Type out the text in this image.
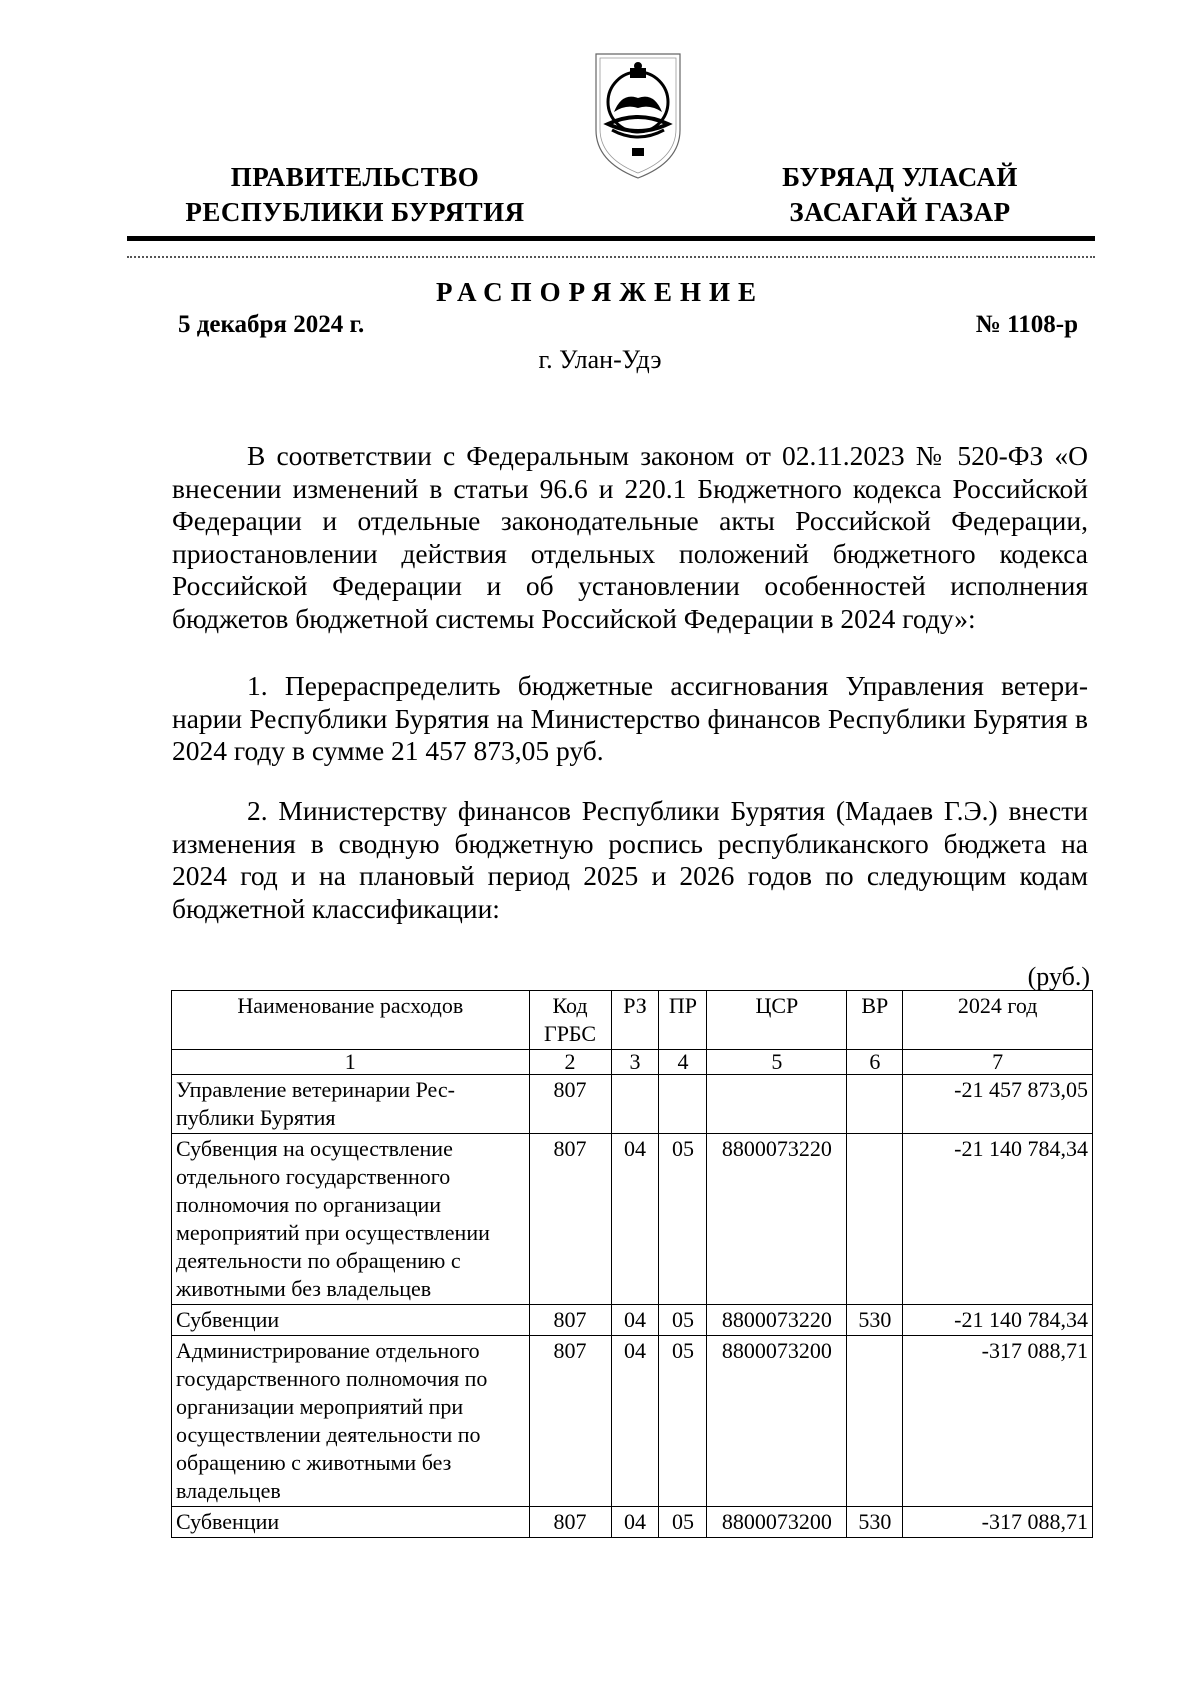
ПРАВИТЕЛЬСТВО
РЕСПУБЛИКИ БУРЯТИЯ
БУРЯАД УЛАСАЙ
ЗАСАГАЙ ГАЗАР
РАСПОРЯЖЕНИЕ
5 декабря 2024 г.	№ 1108-р
г. Улан-Удэ

В соответствии с Федеральным законом от 02.11.2023 № 520-ФЗ «О внесении изменений в статьи 96.6 и 220.1 Бюджетного кодекса Российской Федерации и отдельные законодательные акты Российской Федерации, приостановлении действия отдельных положений бюджетного кодекса Российской Федерации и об установлении особенностей исполнения бюджетов бюджетной системы Российской Федерации в 2024 году»:

1. Перераспределить бюджетные ассигнования Управления ветеринарии Республики Бурятия на Министерство финансов Республики Бурятия в 2024 году в сумме 21 457 873,05 руб.

2. Министерству финансов Республики Бурятия (Мадаев Г.Э.) внести изменения в сводную бюджетную роспись республиканского бюджета на 2024 год и на плановый период 2025 и 2026 годов по следующим кодам бюджетной классификации:

(руб.)
Наименование расходов	Код ГРБС	РЗ	ПР	ЦСР	ВР	2024 год
1	2	3	4	5	6	7
Управление ветеринарии Республики Бурятия	807					-21 457 873,05
Субвенция на осуществление отдельного государственного полномочия по организации мероприятий при осуществлении деятельности по обращению с животными без владельцев	807	04	05	8800073220		-21 140 784,34
Субвенции	807	04	05	8800073220	530	-21 140 784,34
Администрирование отдельного государственного полномочия по организации мероприятий при осуществлении деятельности по обращению с животными без владельцев	807	04	05	8800073200		-317 088,71
Субвенции	807	04	05	8800073200	530	-317 088,71
